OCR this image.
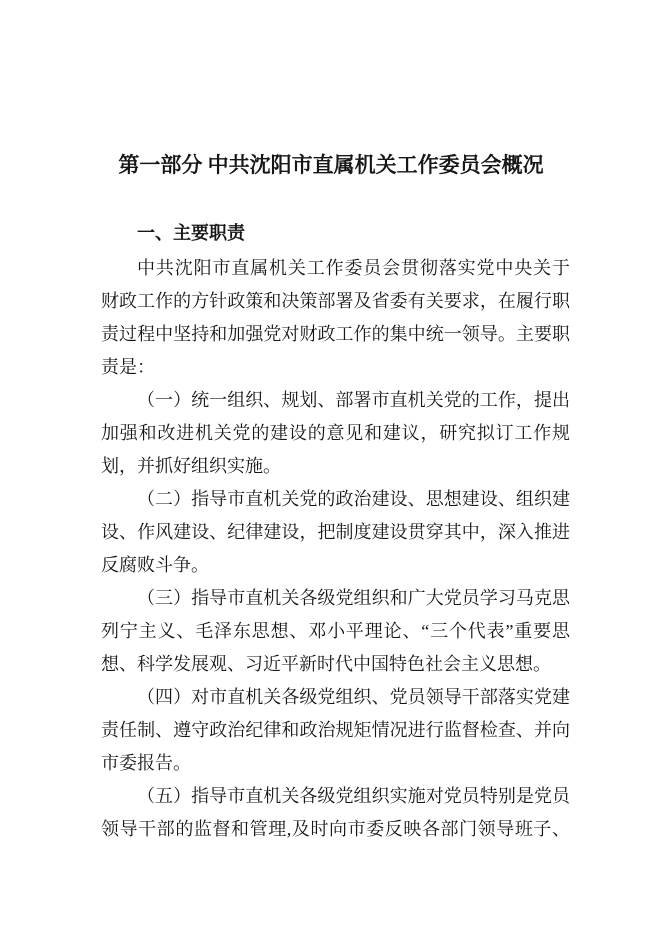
第一部分 中共沈阳市直属机关工作委员会概况
一、主要职责
中共沈阳市直属机关工作委员会贯彻落实党中央关于
财政工作的方针政策和决策部署及省委有关要求，在履行职
责过程中坚持和加强党对财政工作的集中统一领导。主要职
责是：
（一）统一组织、规划、部署市直机关党的工作，提出
加强和改进机关党的建设的意见和建议，研究拟订工作规
划，并抓好组织实施。
（二）指导市直机关党的政治建设、思想建设、组织建
设、作风建设、纪律建设，把制度建设贯穿其中，深入推进
反腐败斗争。
（三）指导市直机关各级党组织和广大党员学习马克思
列宁主义、毛泽东思想、邓小平理论、“三个代表”重要思
想、科学发展观、习近平新时代中国特色社会主义思想。
（四）对市直机关各级党组织、党员领导干部落实党建
责任制、遵守政治纪律和政治规矩情况进行监督检查、并向
市委报告。
（五）指导市直机关各级党组织实施对党员特别是党员
领导干部的监督和管理,及时向市委反映各部门领导班子、
